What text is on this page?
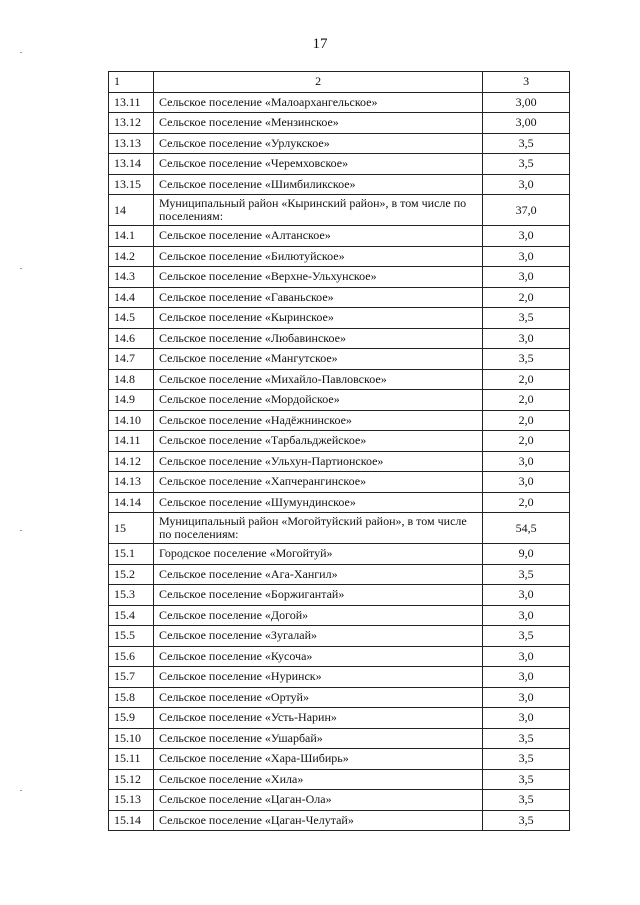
17
1	2	3
13.11	Сельское поселение «Малоархангельское»	3,00
13.12	Сельское поселение «Мензинское»	3,00
13.13	Сельское поселение «Урлукское»	3,5
13.14	Сельское поселение «Черемховское»	3,5
13.15	Сельское поселение «Шимбиликское»	3,0
14	Муниципальный район «Кыринский район», в том числе по поселениям:	37,0
14.1	Сельское поселение «Алтанское»	3,0
14.2	Сельское поселение «Билютуйское»	3,0
14.3	Сельское поселение «Верхне-Ульхунское»	3,0
14.4	Сельское поселение «Гаваньское»	2,0
14.5	Сельское поселение «Кыринское»	3,5
14.6	Сельское поселение «Любавинское»	3,0
14.7	Сельское поселение «Мангутское»	3,5
14.8	Сельское поселение «Михайло-Павловское»	2,0
14.9	Сельское поселение «Мордойское»	2,0
14.10	Сельское поселение «Надёжнинское»	2,0
14.11	Сельское поселение «Тарбальджейское»	2,0
14.12	Сельское поселение «Ульхун-Партионское»	3,0
14.13	Сельское поселение «Хапчерангинское»	3,0
14.14	Сельское поселение «Шумундинское»	2,0
15	Муниципальный район «Могойтуйский район», в том числе по поселениям:	54,5
15.1	Городское поселение «Могойтуй»	9,0
15.2	Сельское поселение «Ага-Хангил»	3,5
15.3	Сельское поселение «Боржигантай»	3,0
15.4	Сельское поселение «Догой»	3,0
15.5	Сельское поселение «Зугалай»	3,5
15.6	Сельское поселение «Кусоча»	3,0
15.7	Сельское поселение «Нуринск»	3,0
15.8	Сельское поселение «Ортуй»	3,0
15.9	Сельское поселение «Усть-Нарин»	3,0
15.10	Сельское поселение «Ушарбай»	3,5
15.11	Сельское поселение «Хара-Шибирь»	3,5
15.12	Сельское поселение «Хила»	3,5
15.13	Сельское поселение «Цаган-Ола»	3,5
15.14	Сельское поселение «Цаган-Челутай»	3,5
